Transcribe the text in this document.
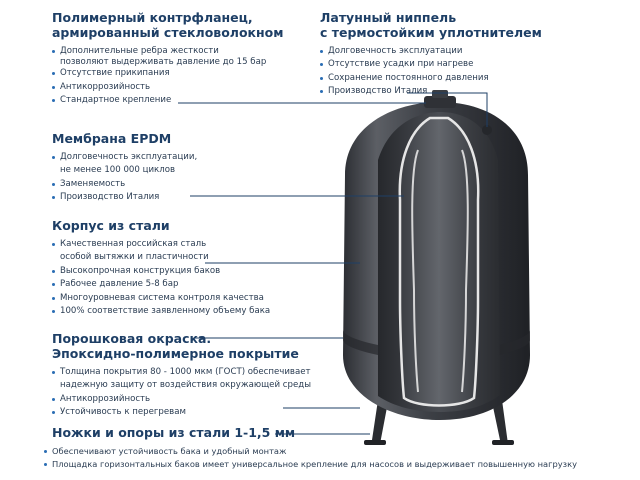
Полимерный контрфланец,
армированный стекловолокном

Дополнительные ребра жесткости
позволяют выдерживать давление до 15 бар
Отсутствие прикипания
Антикоррозийность
Стандартное крепление

Латунный ниппель
с термостойким уплотнителем

Долговечность эксплуатации
Отсутствие усадки при нагреве
Сохранение постоянного давления
Производство Италия

Мембрана EPDM

Долговечность эксплуатации,
не менее 100 000 циклов
Заменяемость
Производство Италия

Корпус из стали

Качественная российская сталь
особой вытяжки и пластичности
Высокопрочная конструкция баков
Рабочее давление 5-8 бар
Многоуровневая система контроля качества
100% соответствие заявленному объему бака

Порошковая окраска.
Эпоксидно-полимерное покрытие

Толщина покрытия 80 - 1000 мкм (ГОСТ) обеспечивает
надежную защиту от воздействия окружающей среды
Антикоррозийность
Устойчивость к перегревам

Ножки и опоры из стали 1-1,5 мм

Обеспечивают устойчивость бака и удобный монтаж
Площадка горизонтальных баков имеет универсальное крепление для насосов и выдерживает повышенную нагрузку
